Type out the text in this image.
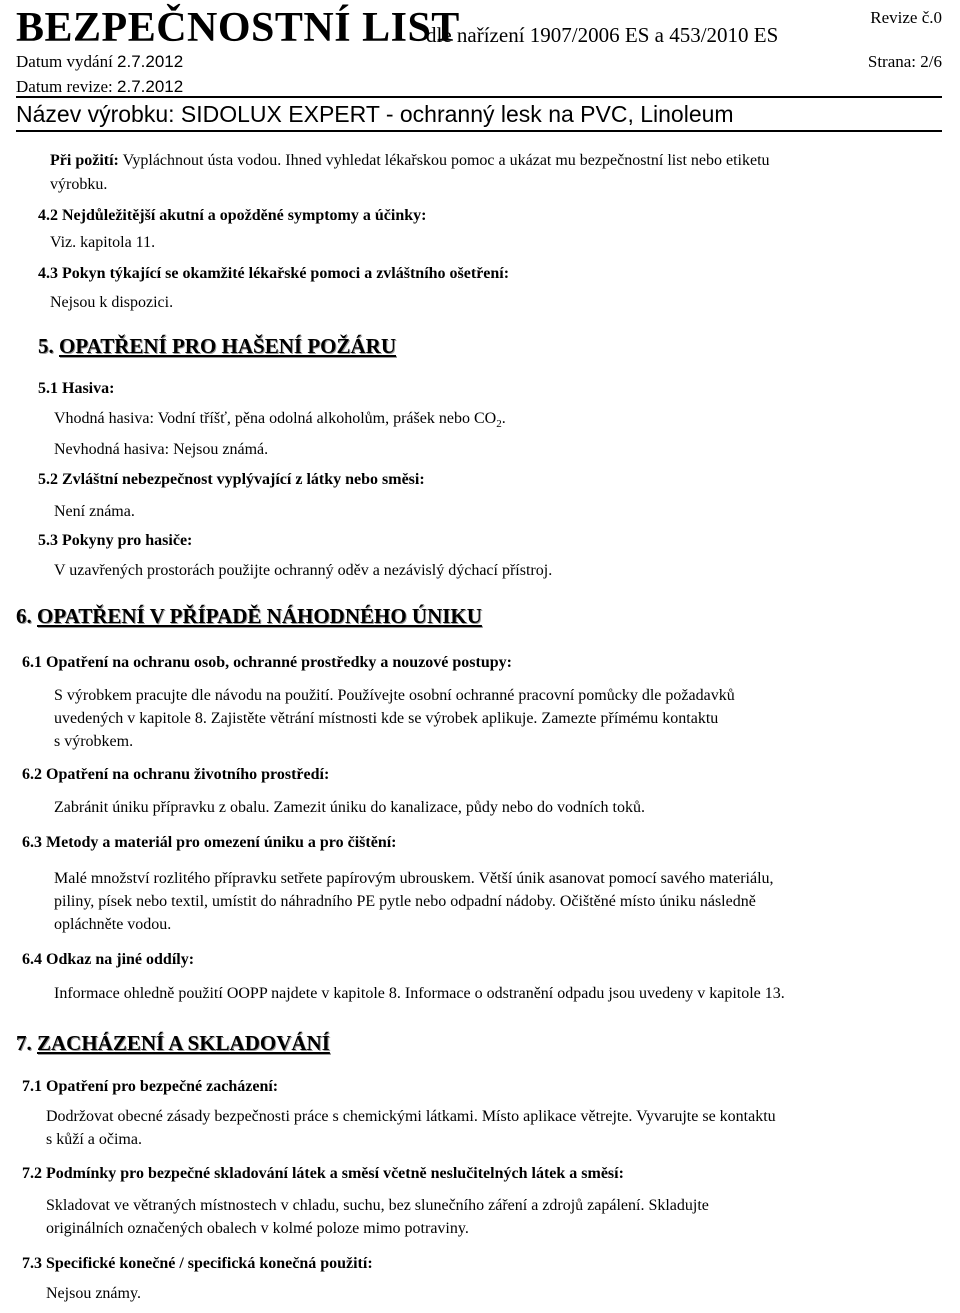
BEZPEČNOSTNÍ LIST
dle nařízení 1907/2006 ES a 453/2010 ES
Revize č.0
Datum vydání 2.7.2012
Datum revize: 2.7.2012
Strana: 2/6
Název výrobku: SIDOLUX EXPERT - ochranný lesk na PVC, Linoleum
Při požití: Vypláchnout ústa vodou. Ihned vyhledat lékařskou pomoc a ukázat mu bezpečnostní list nebo etiketu
výrobku.
4.2 Nejdůležitější akutní a opožděné symptomy a účinky:
Viz. kapitola 11.
4.3 Pokyn týkající se okamžité lékařské pomoci a zvláštního ošetření:
Nejsou k dispozici.
5. OPATŘENÍ PRO HAŠENÍ POŽÁRU
5.1 Hasiva:
Vhodná hasiva: Vodní tříšť, pěna odolná alkoholům, prášek nebo $CO_2$.
Nevhodná hasiva: Nejsou známá.
5.2 Zvláštní nebezpečnost vyplývající z látky nebo směsi:
Není známa.
5.3 Pokyny pro hasiče:
V uzavřených prostorách použijte ochranný oděv a nezávislý dýchací přístroj.
6. OPATŘENÍ V PŘÍPADĚ NÁHODNÉHO ÚNIKU
6.1 Opatření na ochranu osob, ochranné prostředky a nouzové postupy:
S výrobkem pracujte dle návodu na použití. Používejte osobní ochranné pracovní pomůcky dle požadavků
uvedených v kapitole 8. Zajistěte větrání místnosti kde se výrobek aplikuje. Zamezte přímému kontaktu
s výrobkem.
6.2 Opatření na ochranu životního prostředí:
Zabránit úniku přípravku z obalu. Zamezit úniku do kanalizace, půdy nebo do vodních toků.
6.3 Metody a materiál pro omezení úniku a pro čištění:
Malé množství rozlitého přípravku setřete papírovým ubrouskem. Větší únik asanovat pomocí savého materiálu,
piliny, písek nebo textil, umístit do náhradního PE pytle nebo odpadní nádoby. Očištěné místo úniku následně
opláchněte vodou.
6.4 Odkaz na jiné oddíly:
Informace ohledně použití OOPP najdete v kapitole 8. Informace o odstranění odpadu jsou uvedeny v kapitole 13.
7. ZACHÁZENÍ A SKLADOVÁNÍ
7.1 Opatření pro bezpečné zacházení:
Dodržovat obecné zásady bezpečnosti práce s chemickými látkami. Místo aplikace větrejte. Vyvarujte se kontaktu
s kůží a očima.
7.2 Podmínky pro bezpečné skladování látek a směsí včetně neslučitelných látek a směsí:
Skladovat ve větraných místnostech v chladu, suchu, bez slunečního záření a zdrojů zapálení. Skladujte
originálních označených obalech v kolmé poloze mimo potraviny.
7.3 Specifické konečné / specifická konečná použití:
Nejsou známy.
